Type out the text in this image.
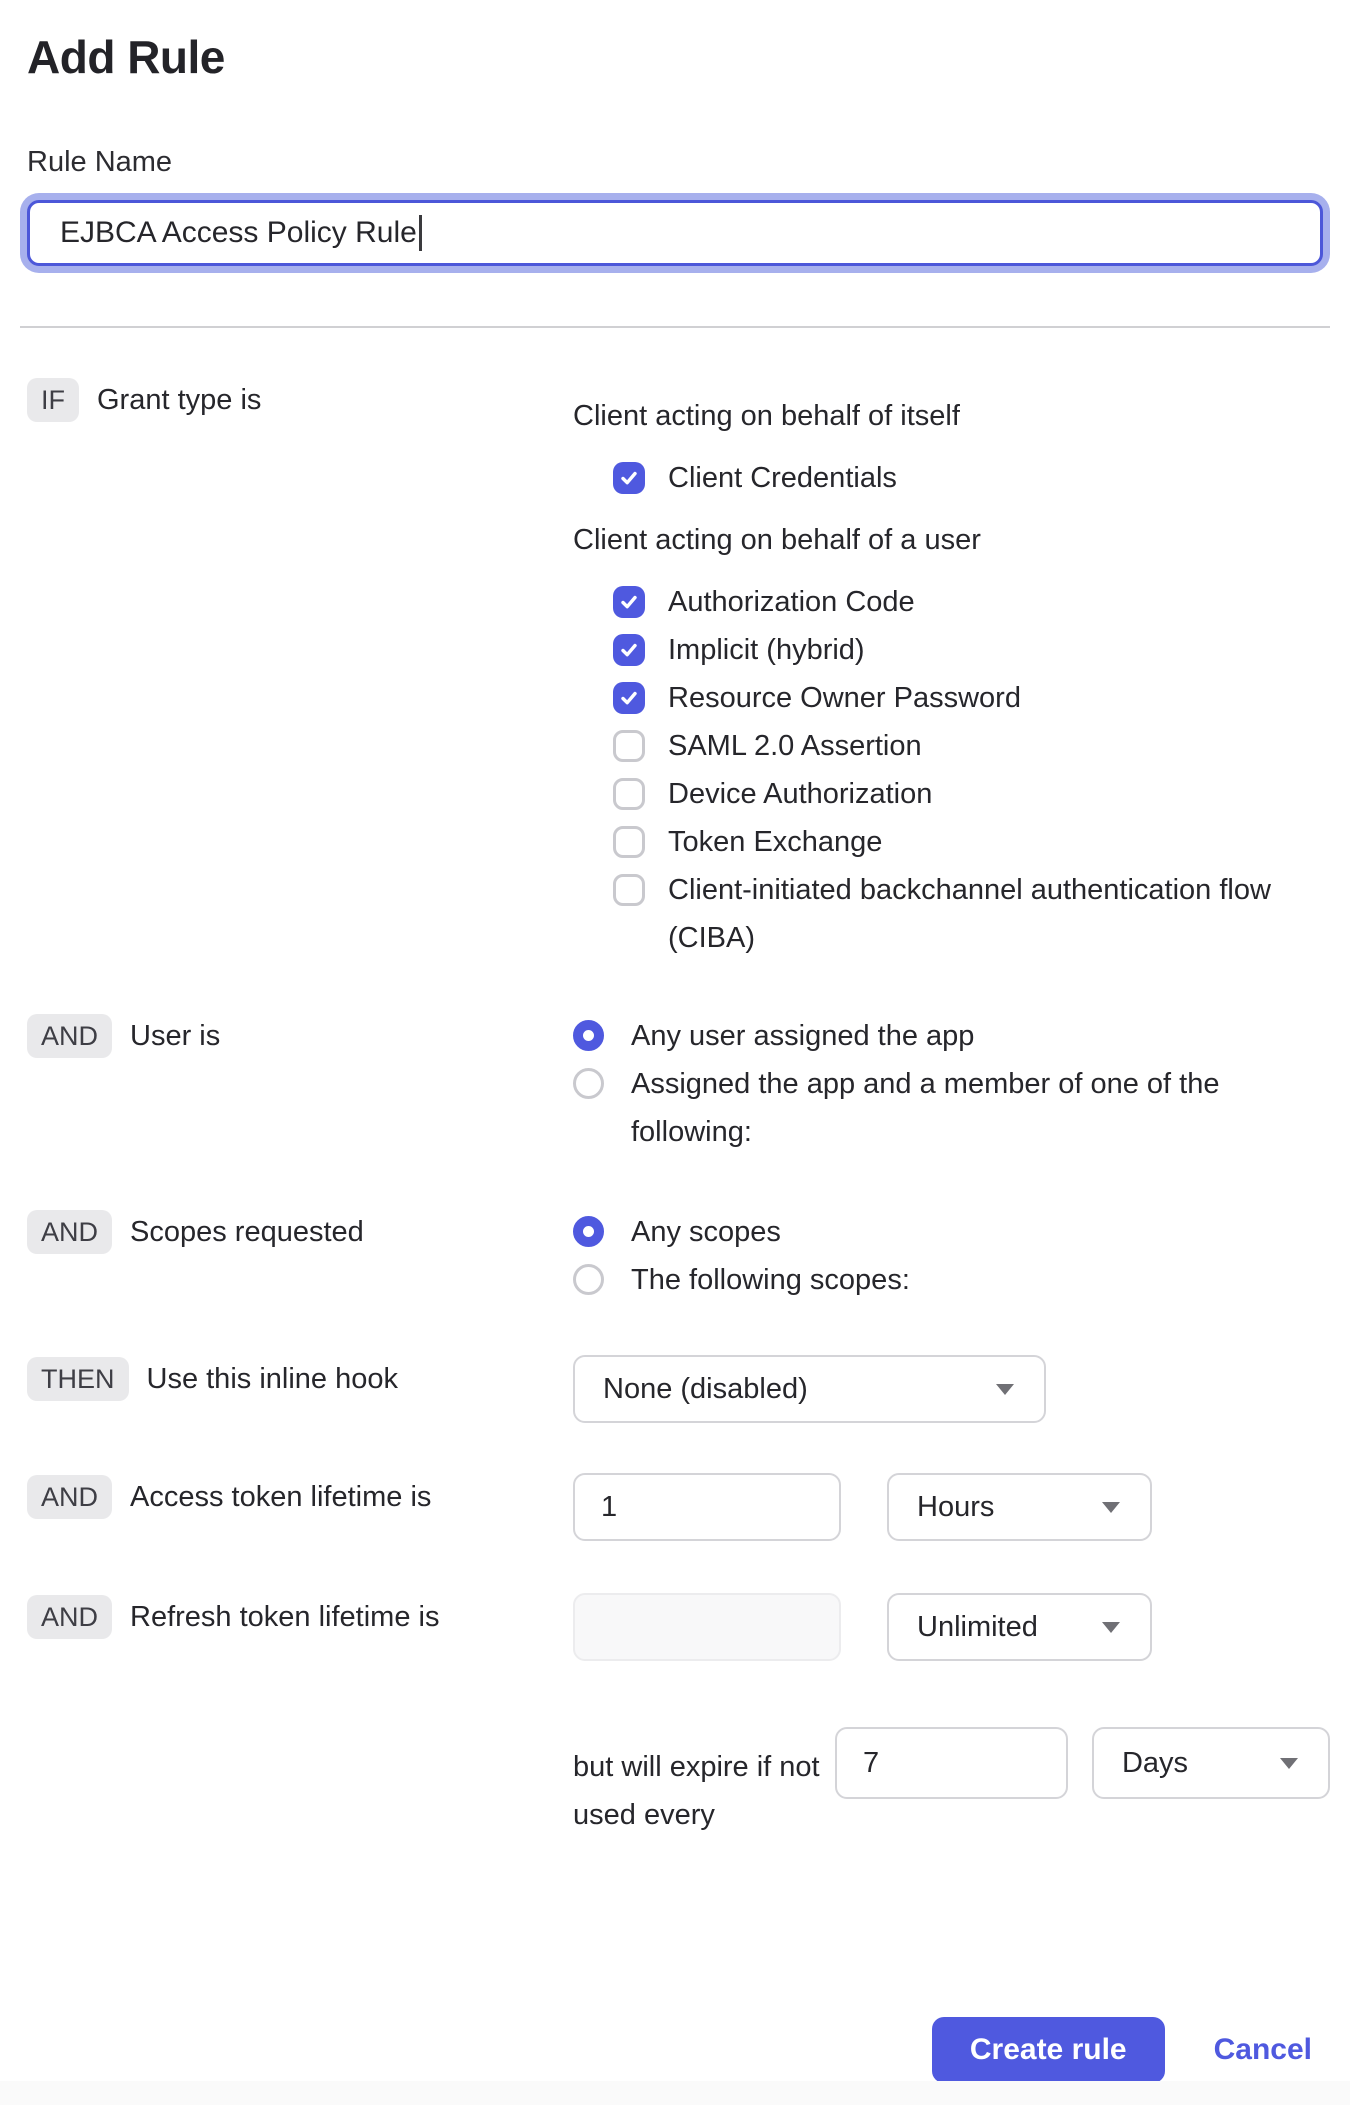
Add Rule
Rule Name
EJBCA Access Policy Rule
IF	Grant type is	Client acting on behalf of itself
Client Credentials
Client acting on behalf of a user
Authorization Code
Implicit (hybrid)
Resource Owner Password
SAML 2.0 Assertion
Device Authorization
Token Exchange
Client-initiated backchannel authentication flow (CIBA)
AND	User is	Any user assigned the app
Assigned the app and a member of one of the following:
AND	Scopes requested	Any scopes
The following scopes:
THEN	Use this inline hook	None (disabled)
AND	Access token lifetime is	1	Hours
AND	Refresh token lifetime is	Unlimited
but will expire if not used every
7	Days
Create rule	Cancel
